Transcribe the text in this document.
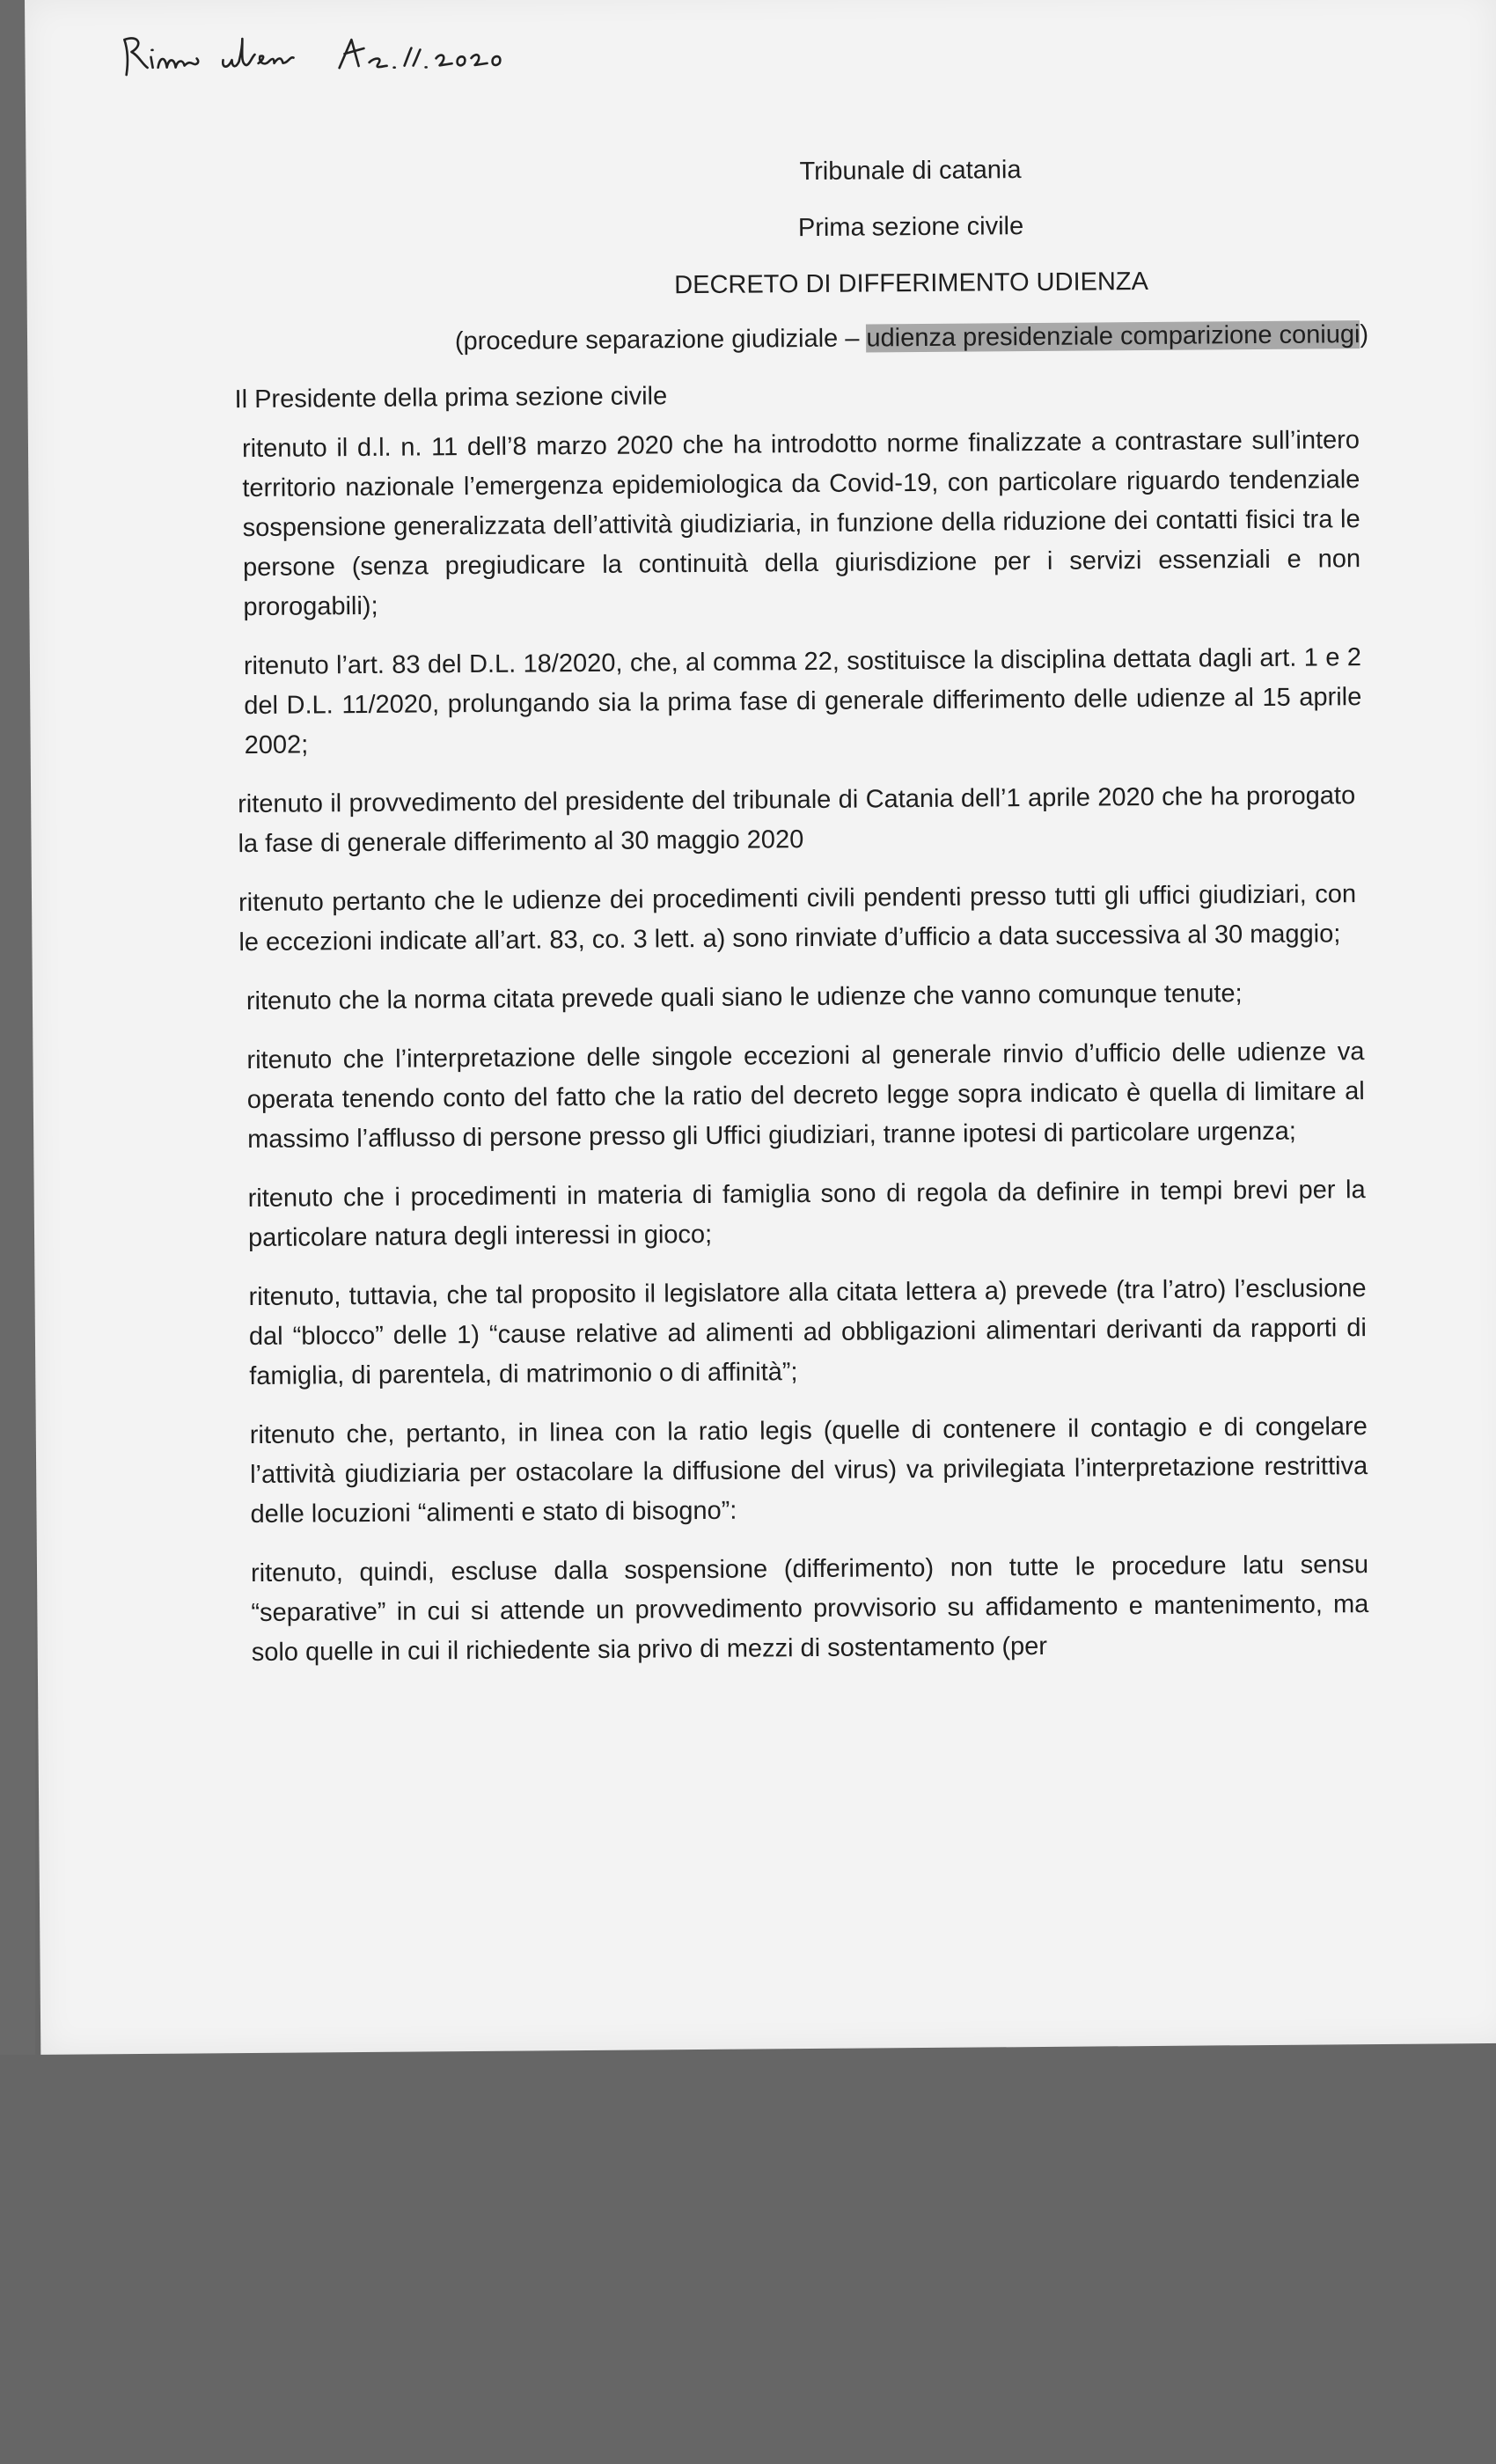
Tribunale di catania
Prima sezione civile
DECRETO DI DIFFERIMENTO UDIENZA
(procedure separazione giudiziale – udienza presidenziale comparizione coniugi)
Il Presidente della prima sezione civile

ritenuto il d.l. n. 11 dell’8 marzo 2020 che ha introdotto norme finalizzate a contrastare sull’intero territorio nazionale l’emergenza epidemiologica da Covid-19, con particolare riguardo tendenziale sospensione generalizzata dell’attività giudiziaria, in funzione della riduzione dei contatti fisici tra le persone (senza pregiudicare la continuità della giurisdizione per i servizi essenziali e non prorogabili);

ritenuto l’art. 83 del D.L. 18/2020, che, al comma 22, sostituisce la disciplina dettata dagli art. 1 e 2 del D.L. 11/2020, prolungando sia la prima fase di generale differimento delle udienze al 15 aprile 2002;

ritenuto il provvedimento del presidente del tribunale di Catania dell’1 aprile 2020 che ha prorogato la fase di generale differimento al 30 maggio 2020

ritenuto pertanto che le udienze dei procedimenti civili pendenti presso tutti gli uffici giudiziari, con le eccezioni indicate all’art. 83, co. 3 lett. a) sono rinviate d’ufficio a data successiva al 30 maggio;

ritenuto che la norma citata prevede quali siano le udienze che vanno comunque tenute;

ritenuto che l’interpretazione delle singole eccezioni al generale rinvio d’ufficio delle udienze va operata tenendo conto del fatto che la ratio del decreto legge sopra indicato è quella di limitare al massimo l’afflusso di persone presso gli Uffici giudiziari, tranne ipotesi di particolare urgenza;

ritenuto che i procedimenti in materia di famiglia sono di regola da definire in tempi brevi per la particolare natura degli interessi in gioco;

ritenuto, tuttavia, che tal proposito il legislatore alla citata lettera a) prevede (tra l’atro) l’esclusione dal “blocco” delle 1) “cause relative ad alimenti ad obbligazioni alimentari derivanti da rapporti di famiglia, di parentela, di matrimonio o di affinità”;

ritenuto che, pertanto, in linea con la ratio legis (quelle di contenere il contagio e di congelare l’attività giudiziaria per ostacolare la diffusione del virus) va privilegiata l’interpretazione restrittiva delle locuzioni “alimenti e stato di bisogno”:

ritenuto, quindi, escluse dalla sospensione (differimento) non tutte le procedure latu sensu “separative” in cui si attende un provvedimento provvisorio su affidamento e mantenimento, ma solo quelle in cui il richiedente sia privo di mezzi di sostentamento (per
